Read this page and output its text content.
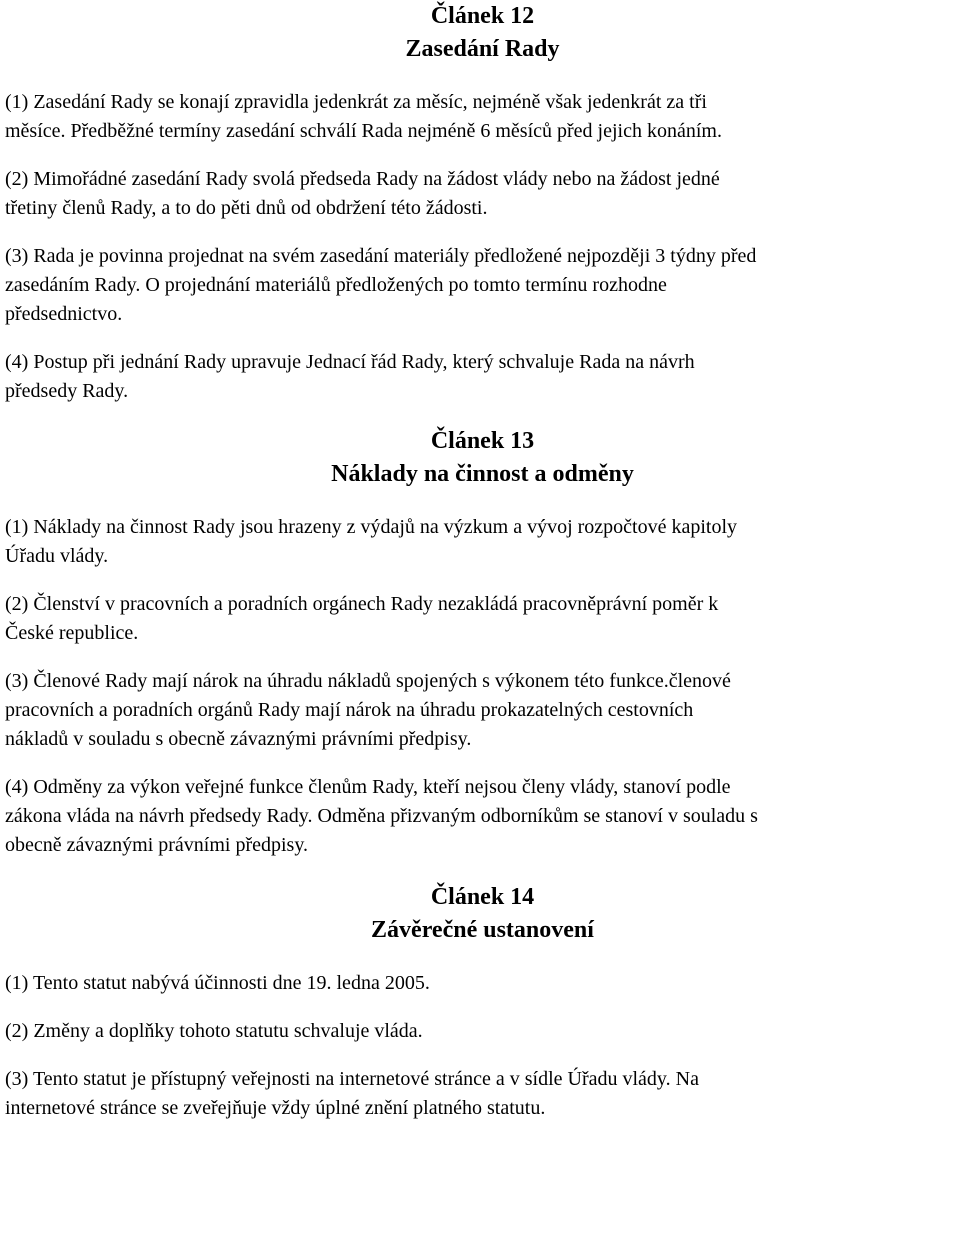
Článek 12
Zasedání Rady

(1) Zasedání Rady se konají zpravidla jedenkrát za měsíc, nejméně však jedenkrát za tři
měsíce. Předběžné termíny zasedání schválí Rada nejméně 6 měsíců před jejich konáním.

(2) Mimořádné zasedání Rady svolá předseda Rady na žádost vlády nebo na žádost jedné
třetiny členů Rady, a to do pěti dnů od obdržení této žádosti.

(3) Rada je povinna projednat na svém zasedání materiály předložené nejpozději 3 týdny před
zasedáním Rady. O projednání materiálů předložených po tomto termínu rozhodne
předsednictvo.

(4) Postup při jednání Rady upravuje Jednací řád Rady, který schvaluje Rada na návrh
předsedy Rady.

Článek 13
Náklady na činnost a odměny

(1) Náklady na činnost Rady jsou hrazeny z výdajů na výzkum a vývoj rozpočtové kapitoly
Úřadu vlády.

(2) Členství v pracovních a poradních orgánech Rady nezakládá pracovněprávní poměr k
České republice.

(3) Členové Rady mají nárok na úhradu nákladů spojených s výkonem této funkce.členové
pracovních a poradních orgánů Rady mají nárok na úhradu prokazatelných cestovních
nákladů v souladu s obecně závaznými právními předpisy.

(4) Odměny za výkon veřejné funkce členům Rady, kteří nejsou členy vlády, stanoví podle
zákona vláda na návrh předsedy Rady. Odměna přizvaným odborníkům se stanoví v souladu s
obecně závaznými právními předpisy.

Článek 14
Závěrečné ustanovení

(1) Tento statut nabývá účinnosti dne 19. ledna 2005.

(2) Změny a doplňky tohoto statutu schvaluje vláda.

(3) Tento statut je přístupný veřejnosti na internetové stránce a v sídle Úřadu vlády. Na
internetové stránce se zveřejňuje vždy úplné znění platného statutu.
